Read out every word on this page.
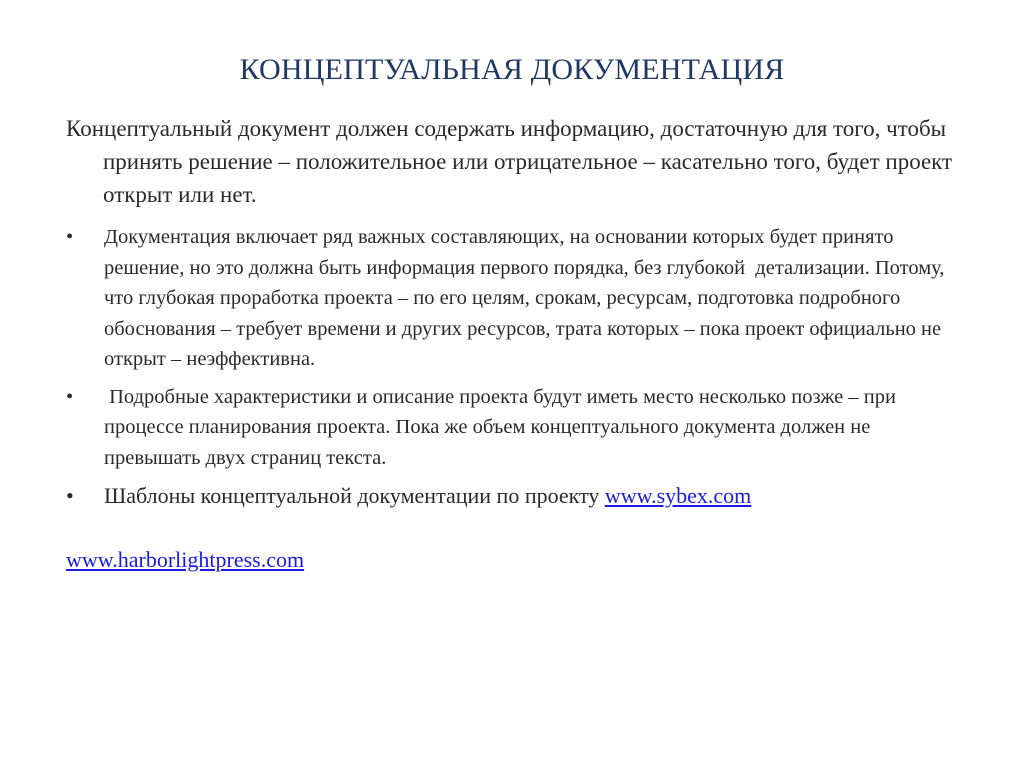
КОНЦЕПТУАЛЬНАЯ ДОКУМЕНТАЦИЯ
Концептуальный документ должен содержать информацию, достаточную для того, чтобы принять решение – положительное или отрицательное – касательно того, будет проект открыт или нет.
• Документация включает ряд важных составляющих, на основании которых будет принято решение, но это должна быть информация первого порядка, без глубокой  детализации. Потому, что глубокая проработка проекта – по его целям, срокам, ресурсам, подготовка подробного обоснования – требует времени и других ресурсов, трата которых – пока проект официально не открыт – неэффективна.
• Подробные характеристики и описание проекта будут иметь место несколько позже – при процессе планирования проекта. Пока же объем концептуального документа должен не превышать двух страниц текста.
• Шаблоны концептуальной документации по проекту www.sybex.com
www.harborlightpress.com
